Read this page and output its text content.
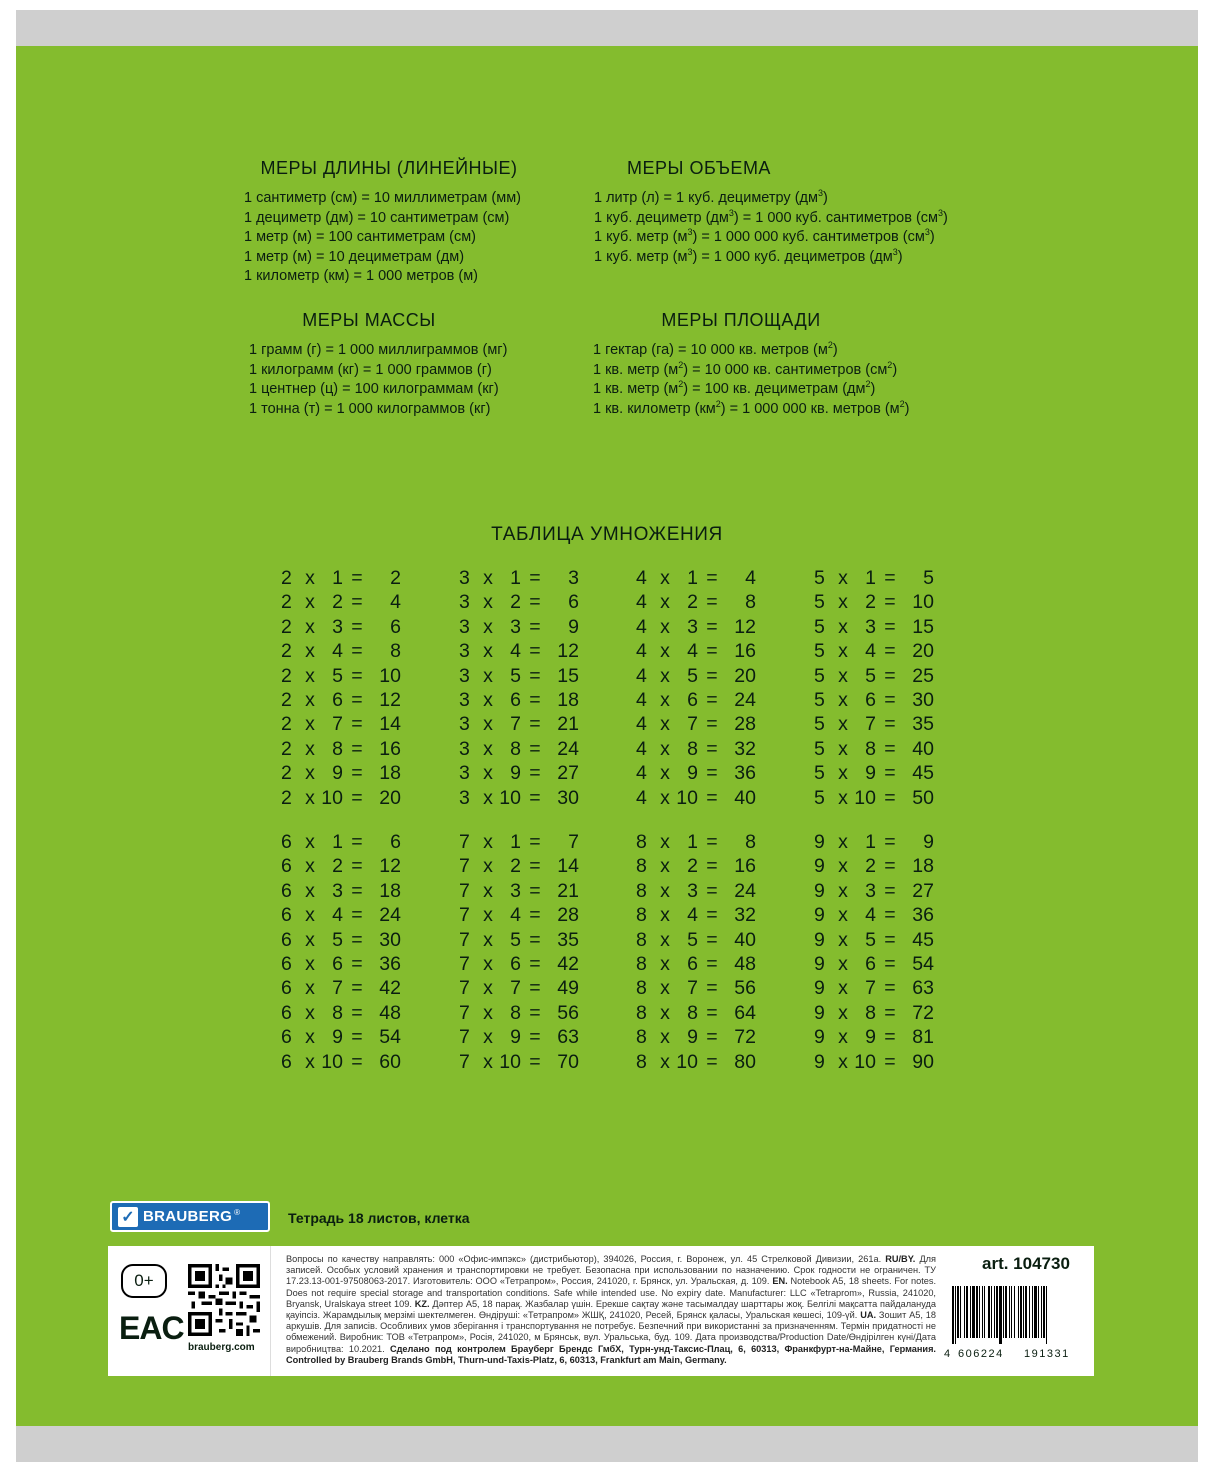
МЕРЫ ДЛИНЫ (ЛИНЕЙНЫЕ)
1 сантиметр (см) = 10 миллиметрам (мм)
1 дециметр (дм) = 10 сантиметрам (см)
1 метр (м) = 100 сантиметрам (см)
1 метр (м) = 10 дециметрам (дм)
1 километр (км) = 1 000 метров (м)
МЕРЫ ОБЪЕМА
1 литр (л) = 1 куб. дециметру $(дм^3)$
1 куб. дециметр $(дм^3) = 1$ 000 куб. сантиметров $(см^3)$
1 куб. метр $(м^3) = 1$ 000 000 куб. сантиметров $(см^3)$
1 куб. метр $(м^3) = 1$ 000 куб. дециметров $(дм^3)$
МЕРЫ МАССЫ
1 грамм (г) = 1 000 миллиграммов (мг)
1 килограмм (кг) = 1 000 граммов (г)
1 центнер (ц) = 100 килограммам (кг)
1 тонна (т) = 1 000 килограммов (кг)
МЕРЫ ПЛОЩАДИ
1 гектар (га) = 10 000 кв. метров $(м^2)$
1 кв. метр $(м^2) = 10$ 000 кв. сантиметров $(см^2)$
1 кв. метр $(м^2) = 100$ кв. дециметрам $(дм^2)$
1 кв. километр $(км^2) = 1$ 000 000 кв. метров $(м^2)$
ТАБЛИЦА УМНОЖЕНИЯ
2 x 1 =	2
2 x 2 =	4
2 x 3 =	6
2 x 4 =	8
2 x 5 = 10
2 x 6 = 12
2 x 7 = 14
2 x 8 = 16
2 x 9 = 18
2 x 10 = 20
3 x 1 =	3
3 x 2 =	6
3 x 3 =	9
3 x 4 = 12
3 x 5 = 15
3 x 6 = 18
3 x 7 = 21
3 x 8 = 24
3 x 9 = 27
3 x 10 = 30
4 x 1 =	4
4 x 2 =	8
4 x 3 = 12
4 x 4 = 16
4 x 5 = 20
4 x 6 = 24
4 x 7 = 28
4 x 8 = 32
4 x 9 = 36
4 x 10 = 40
5 x 1 =	5
5 x 2 = 10
5 x 3 = 15
5 x 4 = 20
5 x 5 = 25
5 x 6 = 30
5 x 7 = 35
5 x 8 = 40
5 x 9 = 45
5 x 10 = 50
6 x 1 =	6
6 x 2 = 12
6 x 3 = 18
6 x 4 = 24
6 x 5 = 30
6 x 6 = 36
6 x 7 = 42
6 x 8 = 48
6 x 9 = 54
6 x 10 = 60
7 x 1 =	7
7 x 2 = 14
7 x 3 = 21
7 x 4 = 28
7 x 5 = 35
7 x 6 = 42
7 x 7 = 49
7 x 8 = 56
7 x 9 = 63
7 x 10 = 70
8 x 1 =	8
8 x 2 = 16
8 x 3 = 24
8 x 4 = 32
8 x 5 = 40
8 x 6 = 48
8 x 7 = 56
8 x 8 = 64
8 x 9 = 72
8 x 10 = 80
9 x 1 =	9
9 x 2 = 18
9 x 3 = 27
9 x 4 = 36
9 x 5 = 45
9 x 6 = 54
9 x 7 = 63
9 x 8 = 72
9 x 9 = 81
9 x 10 = 90
✓ BRAUBERG ®	Тетрадь 18 листов, клетка
0+
EAC
brauberg.com
Вопросы по качеству направлять: 000 «Офис-импэкс» (дистрибьютор), 394026, Россия, г. Воронеж, ул. 45 Стрелковой Дивизии, 261а. RU/BY. Для записей. Особых условий хранения и транспортировки не требует. Безопасна при использовании по назначению. Срок годности не ограничен. ТУ 17.23.13-001-97508063-2017. Изготовитель: ООО «Тетрапром», Россия, 241020, г. Брянск, ул. Уральская, д. 109. EN. Notebook A5, 18 sheets. For notes. Does not require special storage and transportation conditions. Safe while intended use. No expiry date. Manufacturer: LLC «Tetraprom», Russia, 241020, Bryansk, Uralskaya street 109. KZ. Дәптер А5, 18 парақ. Жазбалар үшін. Ерекше сақтау және тасымалдау шарттары жоқ. Белгілі мақсатта пайдаланудa қауіпсіз. Жарамдылық мерзімі шектелмеген. Өндіруші: «Тетрапром» ЖШҚ, 241020, Ресей, Брянск қаласы, Уральская көшесі, 109-үй. UA. Зошит А5, 18 аркушів. Для записів. Особливих умов зберігання і транспортування не потребує. Безпечний при використанні за призначенням. Термін придатності не обмежений. Виробник: ТОВ «Тетрапром», Росія, 241020, м Брянськ, вул. Уральська, буд. 109. Дата производства/Production Date/Өндірілген күні/Дата виробництва: 10.2021. Сделано под контролем Брауберг Брендс ГмбХ, Турн-унд-Таксис-Плац, 6, 60313, Франкфурт-на-Майне, Германия. Controlled by Brauberg Brands GmbH, Thurn-und-Taxis-Platz, 6, 60313, Frankfurt am Main, Germany.
art. 104730
4 606224	191331
